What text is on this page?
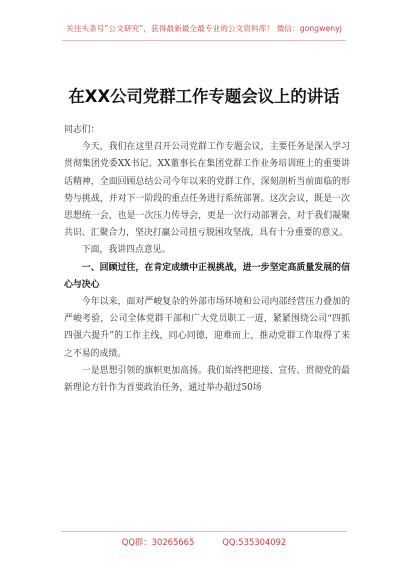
关注头条号“公文研究”，获得最新最全最专业的公文资料库！ 微信：gongwenyj
在XX公司党群工作专题会议上的讲话

同志们：

今天，我们在这里召开公司党群工作专题会议，主要任务是深入学习贯彻集团党委XX书记、XX董事长在集团党群工作业务培训班上的重要讲话精神，全面回顾总结公司今年以来的党群工作，深刻剖析当前面临的形势与挑战，并对下一阶段的重点任务进行系统部署。这次会议，既是一次思想统一会，也是一次压力传导会，更是一次行动部署会，对于我们凝聚共识、汇聚合力，坚决打赢公司扭亏脱困攻坚战，具有十分重要的意义。

下面，我讲四点意见。

一、回顾过往，在肯定成绩中正视挑战，进一步坚定高质量发展的信心与决心

今年以来，面对严峻复杂的外部市场环境和公司内部经营压力叠加的严峻考验，公司全体党群干部和广大党员职工一道，紧紧围绕公司“四抓四强六提升”的工作主线，同心同德，迎难而上，推动党群工作取得了来之不易的成绩。

一是思想引领的旗帜更加高扬。我们始终把迎接、宣传、贯彻党的最新理论方针作为首要政治任务，通过举办超过50场

QQ群：30265665	QQ:535304092
